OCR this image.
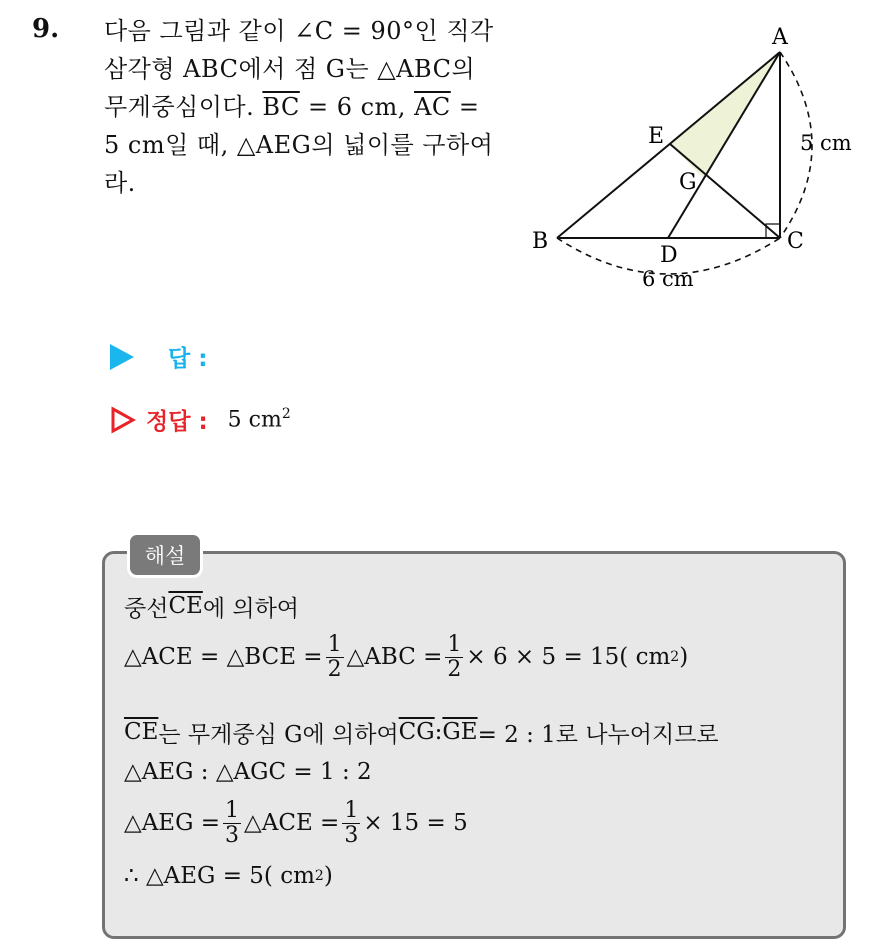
9. 다음 그림과 같이 ∠C = 90°인 직각
삼각형 ABC에서 점 G는 △ABC의
무게중심이다. $\overline{BC} = 6$ cm, $\overline{AC}$ =
5 cm일 때, △AEG의 넓이를 구하여
라.
A
B	C
D
E
G
5 cm
6 cm
답 :
정답 : 5 $cm^2$
해설
중선 $\overline{CE}$ 에 의하여
△ACE = △BCE = $\frac{1}{2}$ △ABC = $\frac{1}{2} \times 6 \times 5 = 15$( cm 2 )
$\overline{CE}$ 는 무게중심 G에 의하여 $\overline{CG}$ : $\overline{GE} = 2$ : 1로 나누어지므로
△AEG : △AGC = 1 : 2
△AEG = $\frac{1}{3}$ △ACE = $\frac{1}{3} \times 15 = 5$
∴ △AEG = 5( cm 2 )
